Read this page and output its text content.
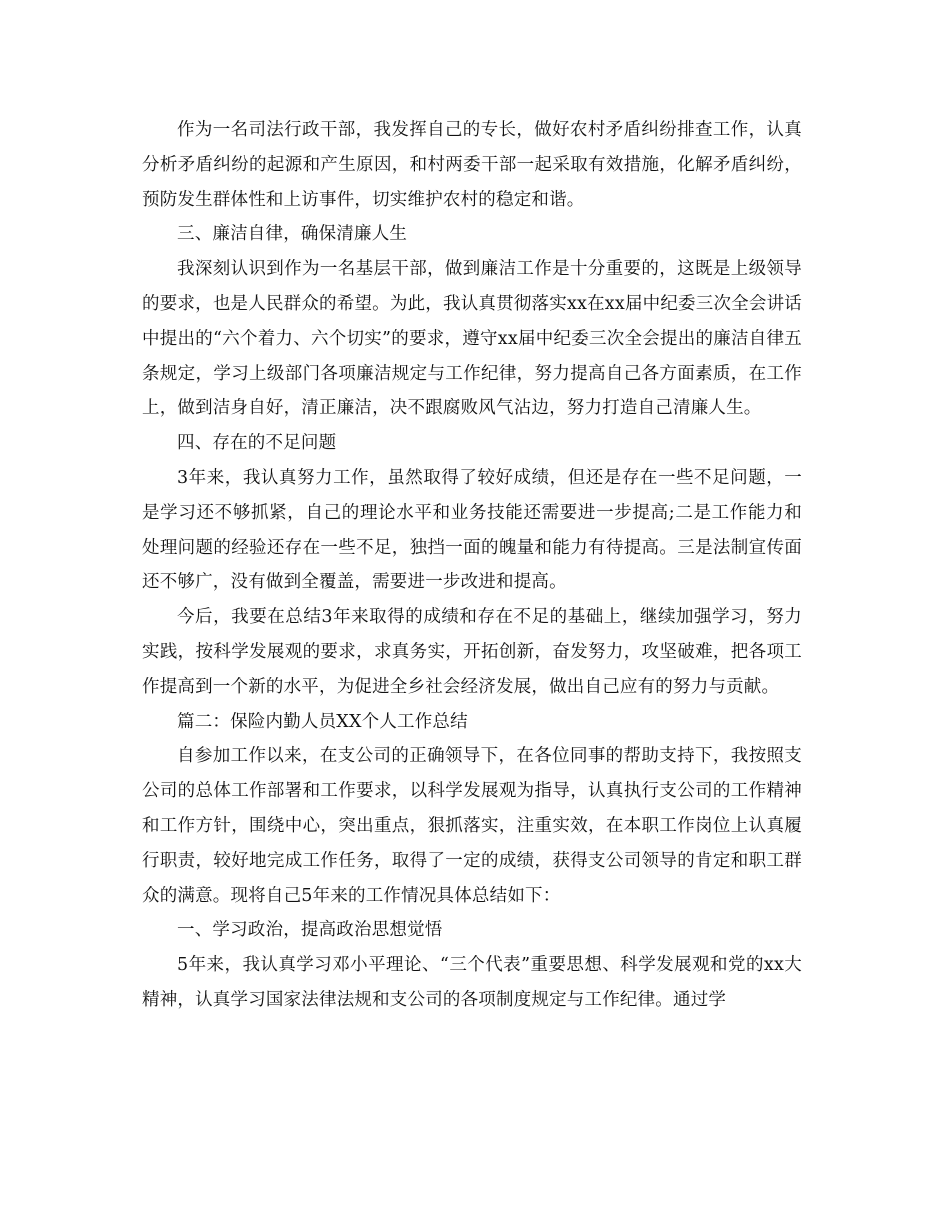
作为一名司法行政干部，我发挥自己的专长，做好农村矛盾纠纷排查工作，认真分析矛盾纠纷的起源和产生原因，和村两委干部一起采取有效措施，化解矛盾纠纷，预防发生群体性和上访事件，切实维护农村的稳定和谐。

三、廉洁自律，确保清廉人生

我深刻认识到作为一名基层干部，做到廉洁工作是十分重要的，这既是上级领导的要求，也是人民群众的希望。为此，我认真贯彻落实xx在xx届中纪委三次全会讲话中提出的“六个着力、六个切实”的要求，遵守xx届中纪委三次全会提出的廉洁自律五条规定，学习上级部门各项廉洁规定与工作纪律，努力提高自己各方面素质，在工作上，做到洁身自好，清正廉洁，决不跟腐败风气沾边，努力打造自己清廉人生。

四、存在的不足问题

3年来，我认真努力工作，虽然取得了较好成绩，但还是存在一些不足问题，一是学习还不够抓紧，自己的理论水平和业务技能还需要进一步提高;二是工作能力和处理问题的经验还存在一些不足，独挡一面的魄量和能力有待提高。三是法制宣传面还不够广，没有做到全覆盖，需要进一步改进和提高。

今后，我要在总结3年来取得的成绩和存在不足的基础上，继续加强学习，努力实践，按科学发展观的要求，求真务实，开拓创新，奋发努力，攻坚破难，把各项工作提高到一个新的水平，为促进全乡社会经济发展，做出自己应有的努力与贡献。

篇二：保险内勤人员XX个人工作总结

自参加工作以来，在支公司的正确领导下，在各位同事的帮助支持下，我按照支公司的总体工作部署和工作要求，以科学发展观为指导，认真执行支公司的工作精神和工作方针，围绕中心，突出重点，狠抓落实，注重实效，在本职工作岗位上认真履行职责，较好地完成工作任务，取得了一定的成绩，获得支公司领导的肯定和职工群众的满意。现将自己5年来的工作情况具体总结如下：

一、学习政治，提高政治思想觉悟

5年来，我认真学习邓小平理论、“三个代表”重要思想、科学发展观和党的xx大精神，认真学习国家法律法规和支公司的各项制度规定与工作纪律。通过学
